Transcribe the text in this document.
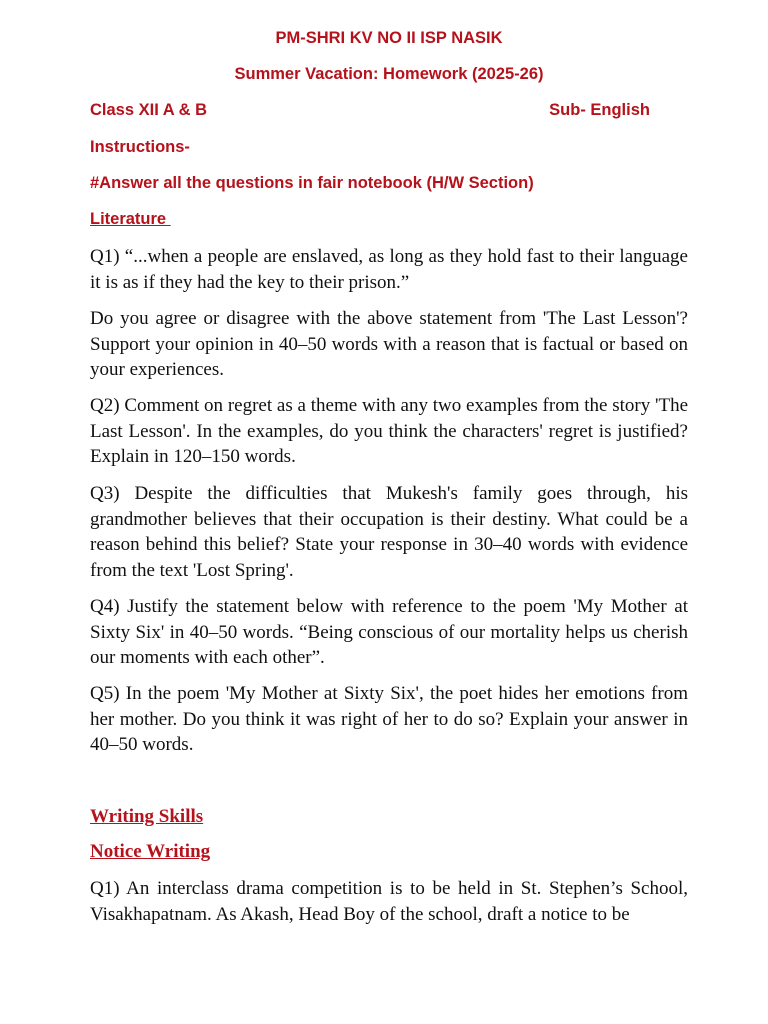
PM-SHRI KV NO II ISP NASIK
Summer Vacation: Homework (2025-26)
Class XII A & B	Sub- English
Instructions-
#Answer all the questions in fair notebook (H/W Section)
Literature

Q1) “...when a people are enslaved, as long as they hold fast to their language it is as if they had the key to their prison.”

Do you agree or disagree with the above statement from 'The Last Lesson'? Support your opinion in 40–50 words with a reason that is factual or based on your experiences.

Q2) Comment on regret as a theme with any two examples from the story 'The Last Lesson'. In the examples, do you think the characters' regret is justified? Explain in 120–150 words.

Q3) Despite the difficulties that Mukesh's family goes through, his grandmother believes that their occupation is their destiny. What could be a reason behind this belief? State your response in 30–40 words with evidence from the text 'Lost Spring'.

Q4) Justify the statement below with reference to the poem 'My Mother at Sixty Six' in 40–50 words. “Being conscious of our mortality helps us cherish our moments with each other”.

Q5) In the poem 'My Mother at Sixty Six', the poet hides her emotions from her mother. Do you think it was right of her to do so? Explain your answer in 40–50 words.

Writing Skills
Notice Writing

Q1) An interclass drama competition is to be held in St. Stephen’s School, Visakhapatnam. As Akash, Head Boy of the school, draft a notice to be
